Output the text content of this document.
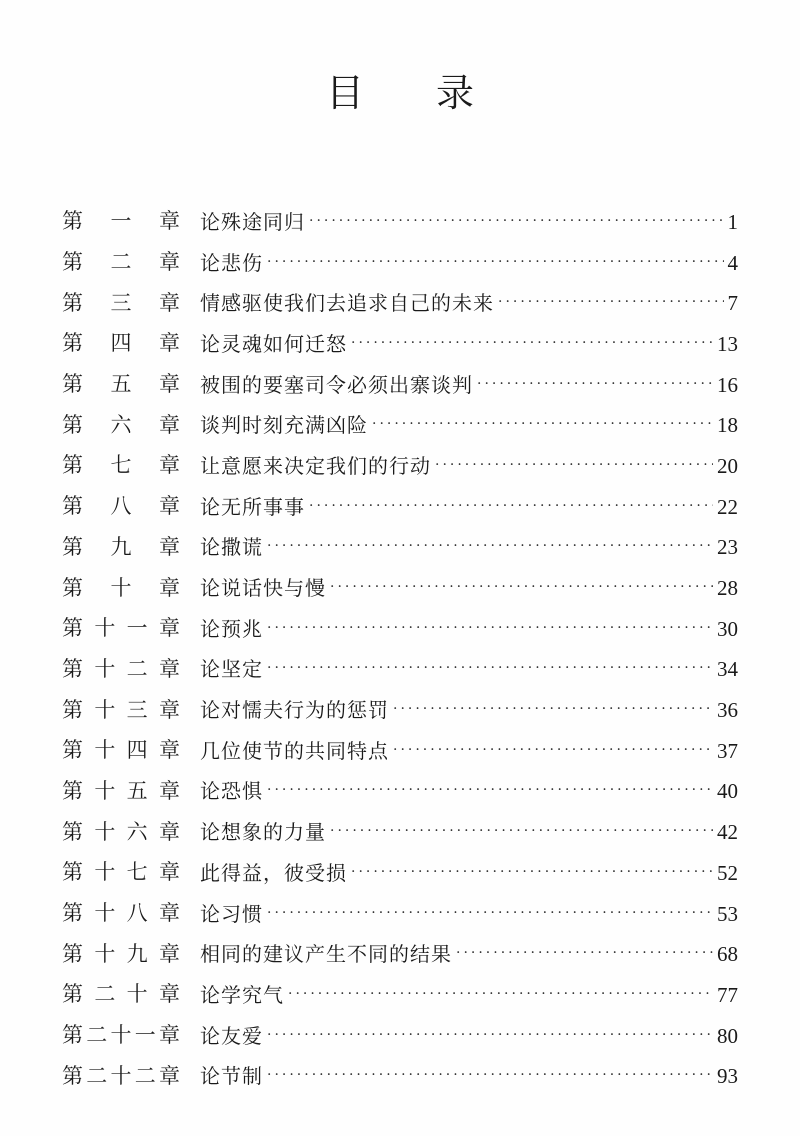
目 录
第 一 章 论殊途同归 ·····	1
第 二 章 论悲伤 ·····	4
第 三 章 情感驱使我们去追求自己的未来 ·····	7
第 四 章 论灵魂如何迁怒 ·····	13
第 五 章 被围的要塞司令必须出寨谈判 ·····	16
第 六 章 谈判时刻充满凶险 ·····	18
第 七 章 让意愿来决定我们的行动 ·····	20
第 八 章 论无所事事 ·····	22
第 九 章 论撒谎 ·····	23
第 十 章 论说话快与慢 ·····	28
第 十 一 章 论预兆 ·····	30
第 十 二 章 论坚定 ·····	34
第 十 三 章 论对懦夫行为的惩罚 ·····	36
第 十 四 章 几位使节的共同特点 ·····	37
第 十 五 章 论恐惧 ·····	40
第 十 六 章 论想象的力量 ·····	42
第 十 七 章 此得益，彼受损 ·····	52
第 十 八 章 论习惯 ·····	53
第 十 九 章 相同的建议产生不同的结果 ·····	68
第 二 十 章 论学究气 ·····	77
第 二 十 一 章 论友爱 ·····	80
第 二 十 二 章 论节制 ·····	93
